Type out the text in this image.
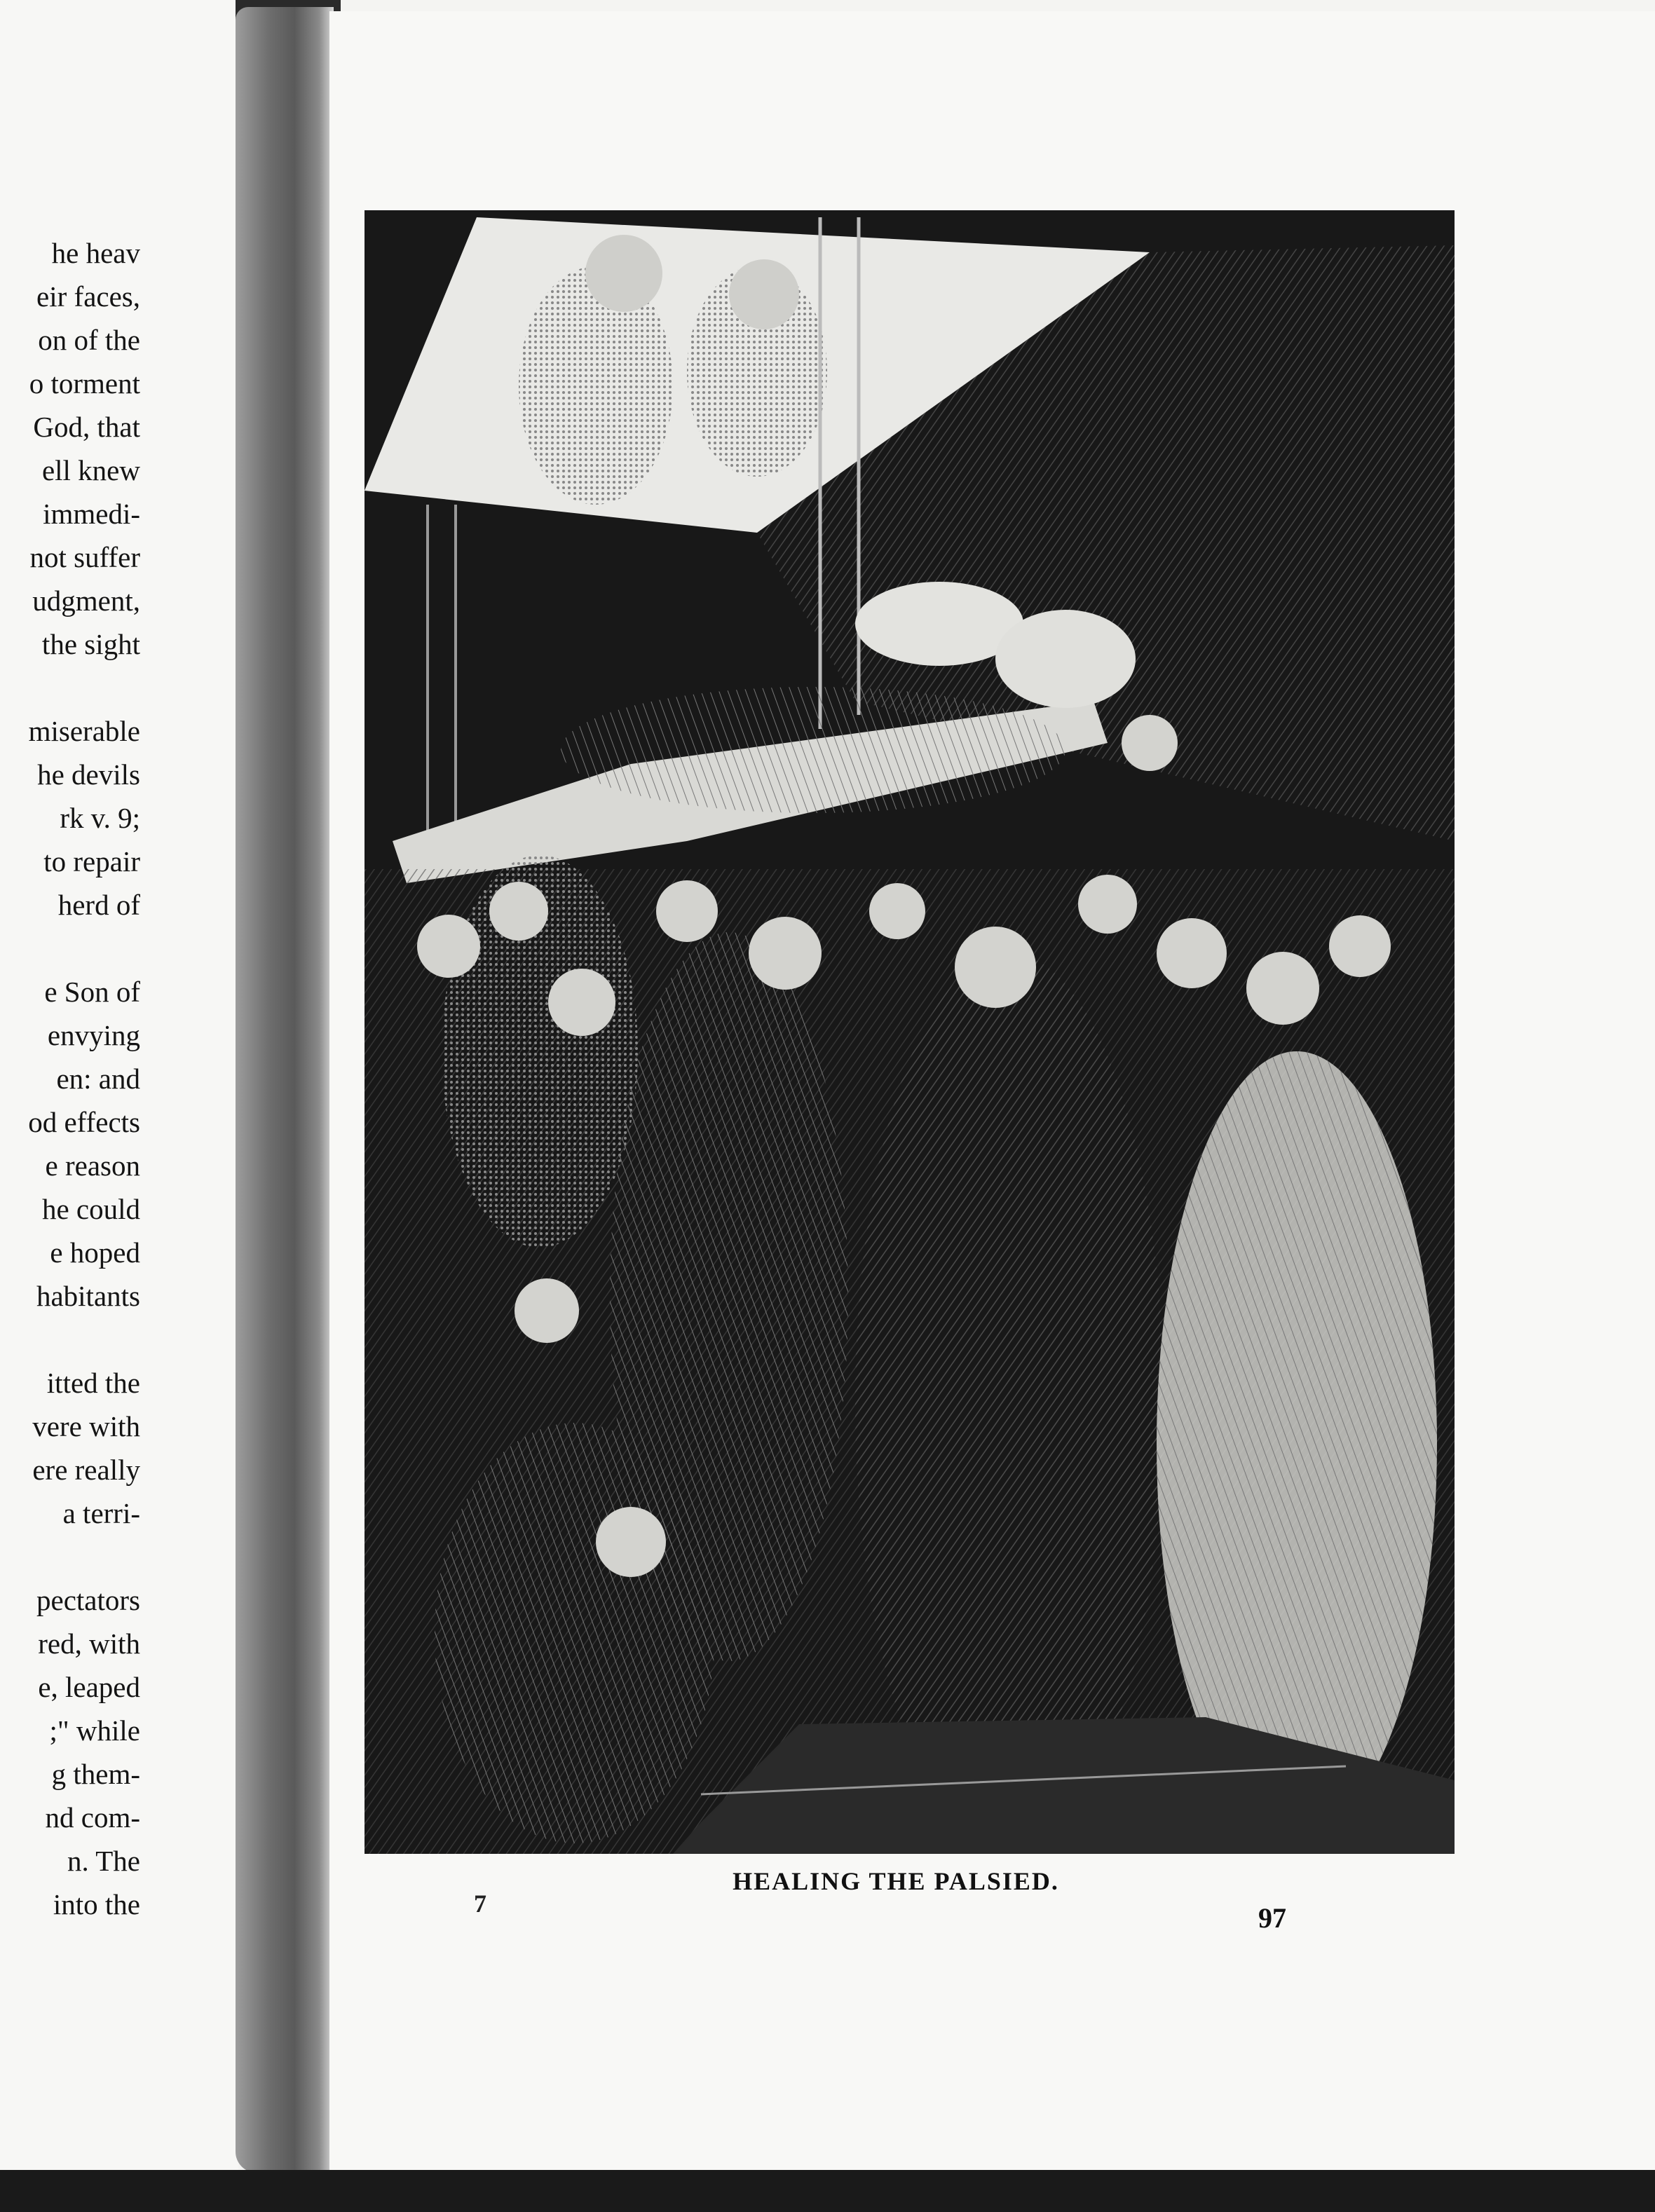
he heav
eir faces,
on of the
o torment
God, that
ell knew
immedi-
not suffer
udgment,
the sight
miserable
he devils
rk v. 9;
to repair
herd of
e Son of
envying
en: and
od effects
e reason
he could
e hoped
habitants
itted the
vere with
ere really
a terri-
pectators
red, with
e, leaped
;" while
g them-
nd com-
n. The
into the
HEALING THE PALSIED.
7	97
